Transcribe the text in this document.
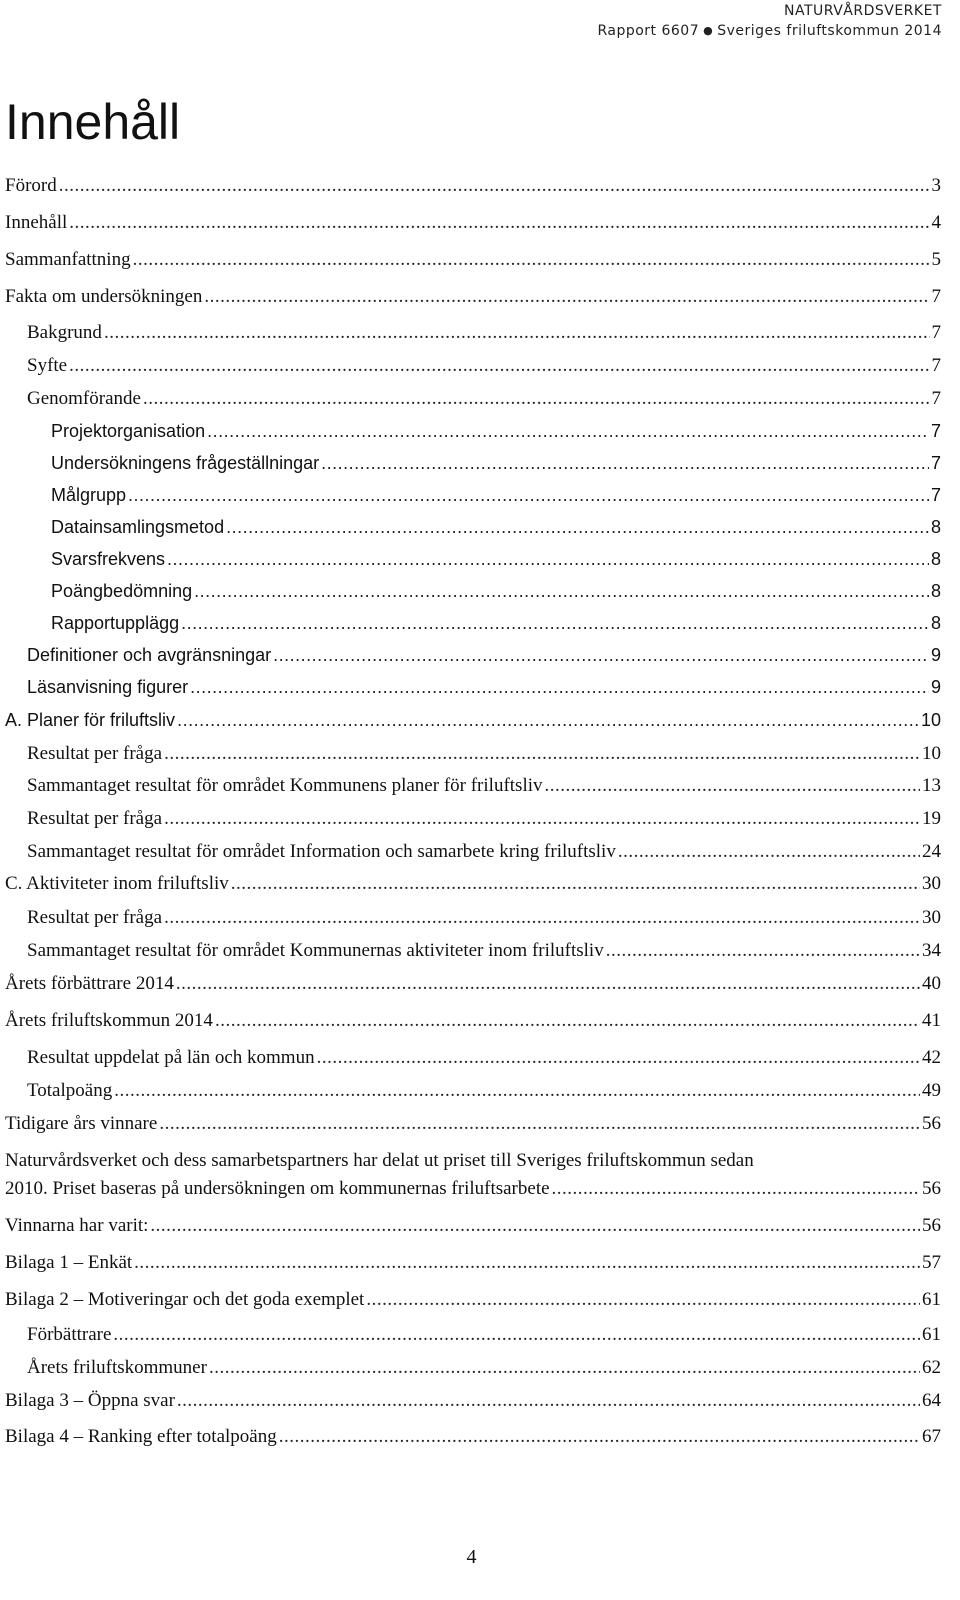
NATURVÅRDSVERKET
Rapport 6607 ● Sveriges friluftskommun 2014
Innehåll
Förord .....	3
Innehåll .....	4
Sammanfattning .....	5
Fakta om undersökningen .....	7
Bakgrund .....	7
Syfte .....	7
Genomförande .....	7
Projektorganisation .....	7
Undersökningens frågeställningar .....	7
Målgrupp .....	7
Datainsamlingsmetod .....	8
Svarsfrekvens .....	8
Poängbedömning .....	8
Rapportupplägg .....	8
Definitioner och avgränsningar .....	9
Läsanvisning figurer .....	9
A. Planer för friluftsliv .....	10
Resultat per fråga .....	10
Sammantaget resultat för området Kommunens planer för friluftsliv .....	13
Resultat per fråga .....	19
Sammantaget resultat för området Information och samarbete kring friluftsliv .....	24
C. Aktiviteter inom friluftsliv .....	30
Resultat per fråga .....	30
Sammantaget resultat för området Kommunernas aktiviteter inom friluftsliv .....	34
Årets förbättrare 2014 .....	40
Årets friluftskommun 2014 .....	41
Resultat uppdelat på län och kommun .....	42
Totalpoäng .....	49
Tidigare års vinnare .....	56
Naturvårdsverket och dess samarbetspartners har delat ut priset till Sveriges friluftskommun sedan
2010. Priset baseras på undersökningen om kommunernas friluftsarbete .....	56
Vinnarna har varit: .....	56
Bilaga 1 – Enkät .....	57
Bilaga 2 – Motiveringar och det goda exemplet .....	61
Förbättrare .....	61
Årets friluftskommuner .....	62
Bilaga 3 – Öppna svar .....	64
Bilaga 4 – Ranking efter totalpoäng .....	67
4
